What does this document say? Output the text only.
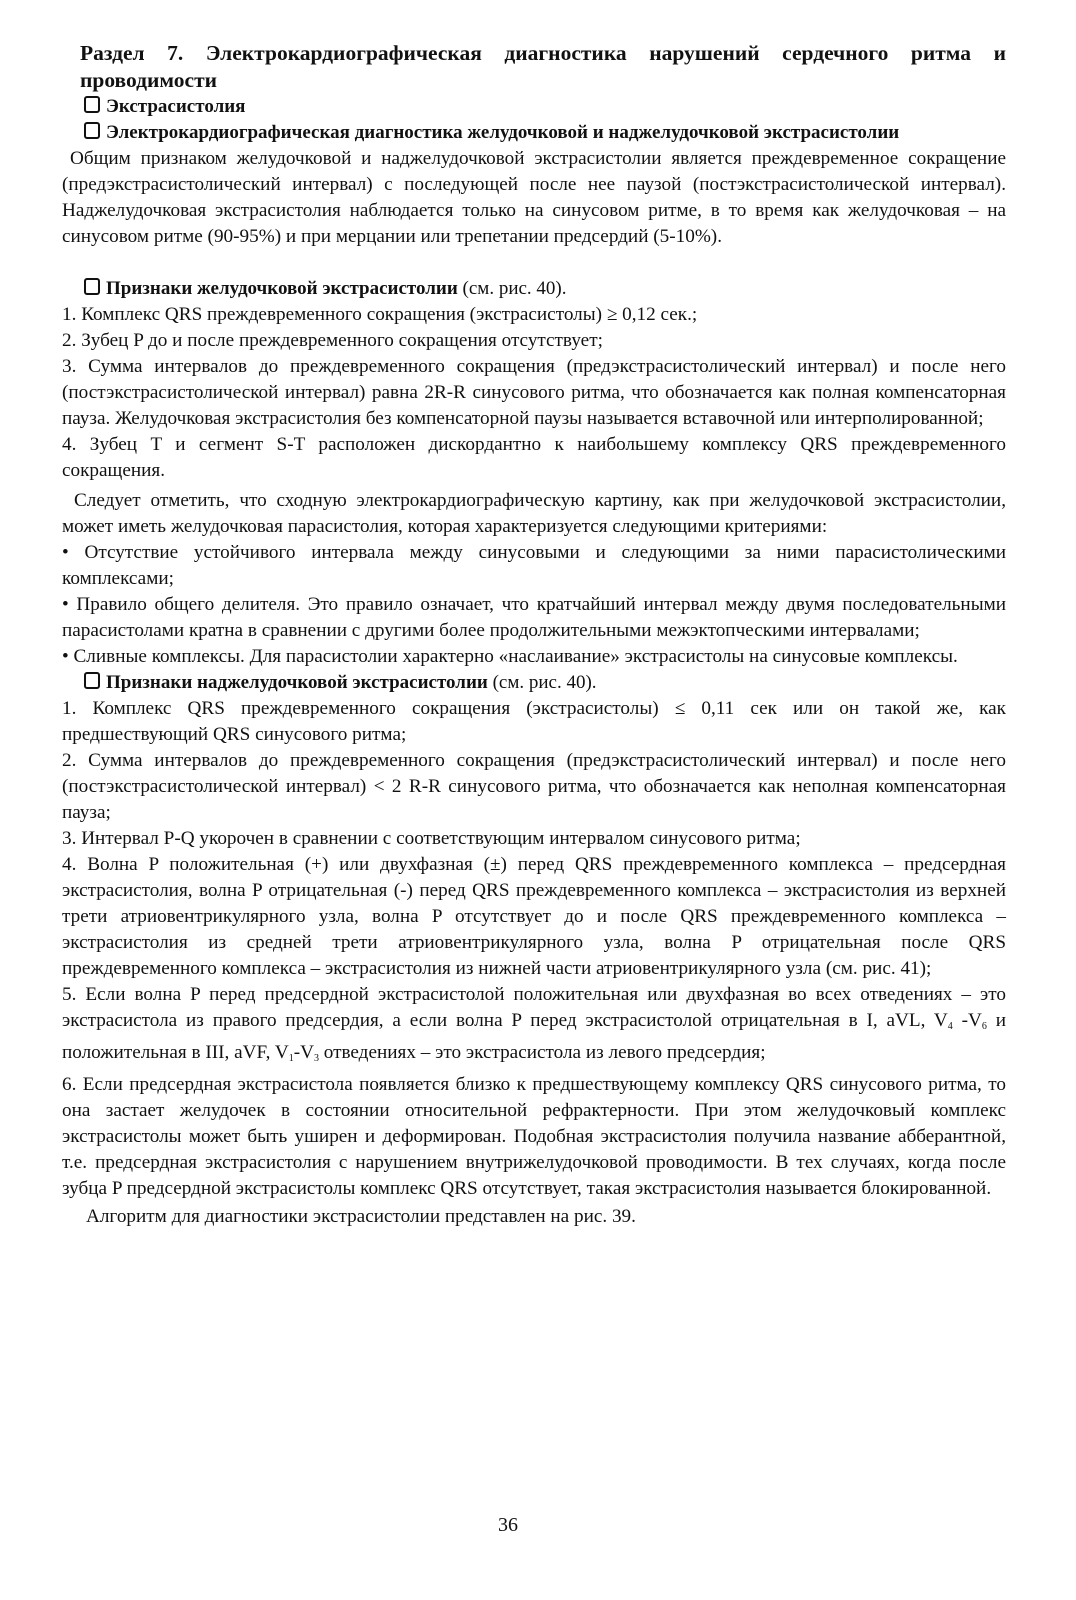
Раздел 7. Электрокардиографическая диагностика нарушений сердечного ритма и проводимости

Экстрасистолия

Электрокардиографическая диагностика желудочковой и наджелудочковой экстрасистолии

Общим признаком желудочковой и наджелудочковой экстрасистолии является преждевременное сокращение (предэкстрасистолический интервал) с последующей после нее паузой (постэкстрасистолической интервал). Наджелудочковая экстрасистолия наблюдается только на синусовом ритме, в то время как желудочковая – на синусовом ритме (90-95%) и при мерцании или трепетании предсердий (5-10%).

Признаки желудочковой экстрасистолии (см. рис. 40).

1. Комплекс QRS преждевременного сокращения (экстрасистолы) ≥ 0,12 сек.;

2. Зубец P до и после преждевременного сокращения отсутствует;

3. Сумма интервалов до преждевременного сокращения (предэкстрасистолический интервал) и после него (постэкстрасистолической интервал) равна 2R-R синусового ритма, что обозначается как полная компенсаторная пауза. Желудочковая экстрасистолия без компенсаторной паузы называется вставочной или интерполированной;

4. Зубец T и сегмент S-T расположен дискордантно к наибольшему комплексу QRS преждевременного сокращения.

Следует отметить, что сходную электрокардиографическую картину, как при желудочковой экстрасистолии, может иметь желудочковая парасистолия, которая характеризуется следующими критериями:

• Отсутствие устойчивого интервала между синусовыми и следующими за ними парасистолическими комплексами;

• Правило общего делителя. Это правило означает, что кратчайший интервал между двумя последовательными парасистолами кратна в сравнении с другими более продолжительными межэктопческими интервалами;

• Сливные комплексы. Для парасистолии характерно «наслаивание» экстрасистолы на синусовые комплексы.

Признаки наджелудочковой экстрасистолии (см. рис. 40).

1. Комплекс QRS преждевременного сокращения (экстрасистолы) ≤ 0,11 сек или он такой же, как предшествующий QRS синусового ритма;

2. Сумма интервалов до преждевременного сокращения (предэкстрасистолический интервал) и после него (постэкстрасистолической интервал) < 2 R-R синусового ритма, что обозначается как неполная компенсаторная пауза;

3. Интервал P-Q укорочен в сравнении с соответствующим интервалом синусового ритма;

4. Волна P положительная (+) или двухфазная (±) перед QRS преждевременного комплекса – предсердная экстрасистолия, волна P отрицательная (-) перед QRS преждевременного комплекса – экстрасистолия из верхней трети атриовентрикулярного узла, волна P отсутствует до и после QRS преждевременного комплекса – экстрасистолия из средней трети атриовентрикулярного узла, волна P отрицательная после QRS преждевременного комплекса – экстрасистолия из нижней части атриовентрикулярного узла (см. рис. 41);

5. Если волна P перед предсердной экстрасистолой положительная или двухфазная во всех отведениях – это экстрасистола из правого предсердия, а если волна P перед экстрасистолой отрицательная в I, aVL, $V_4$ $-V_6$ и положительная в III, aVF, $V_1-V_3$ отведениях – это экстрасистола из левого предсердия;

6. Если предсердная экстрасистола появляется близко к предшествующему комплексу QRS синусового ритма, то она застает желудочек в состоянии относительной рефрактерности. При этом желудочковый комплекс экстрасистолы может быть уширен и деформирован. Подобная экстрасистолия получила название абберантной, т.е. предсердная экстрасистолия с нарушением внутрижелудочковой проводимости. В тех случаях, когда после зубца P предсердной экстрасистолы комплекс QRS отсутствует, такая экстрасистолия называется блокированной.

Алгоритм для диагностики экстрасистолии представлен на рис. 39.

36
